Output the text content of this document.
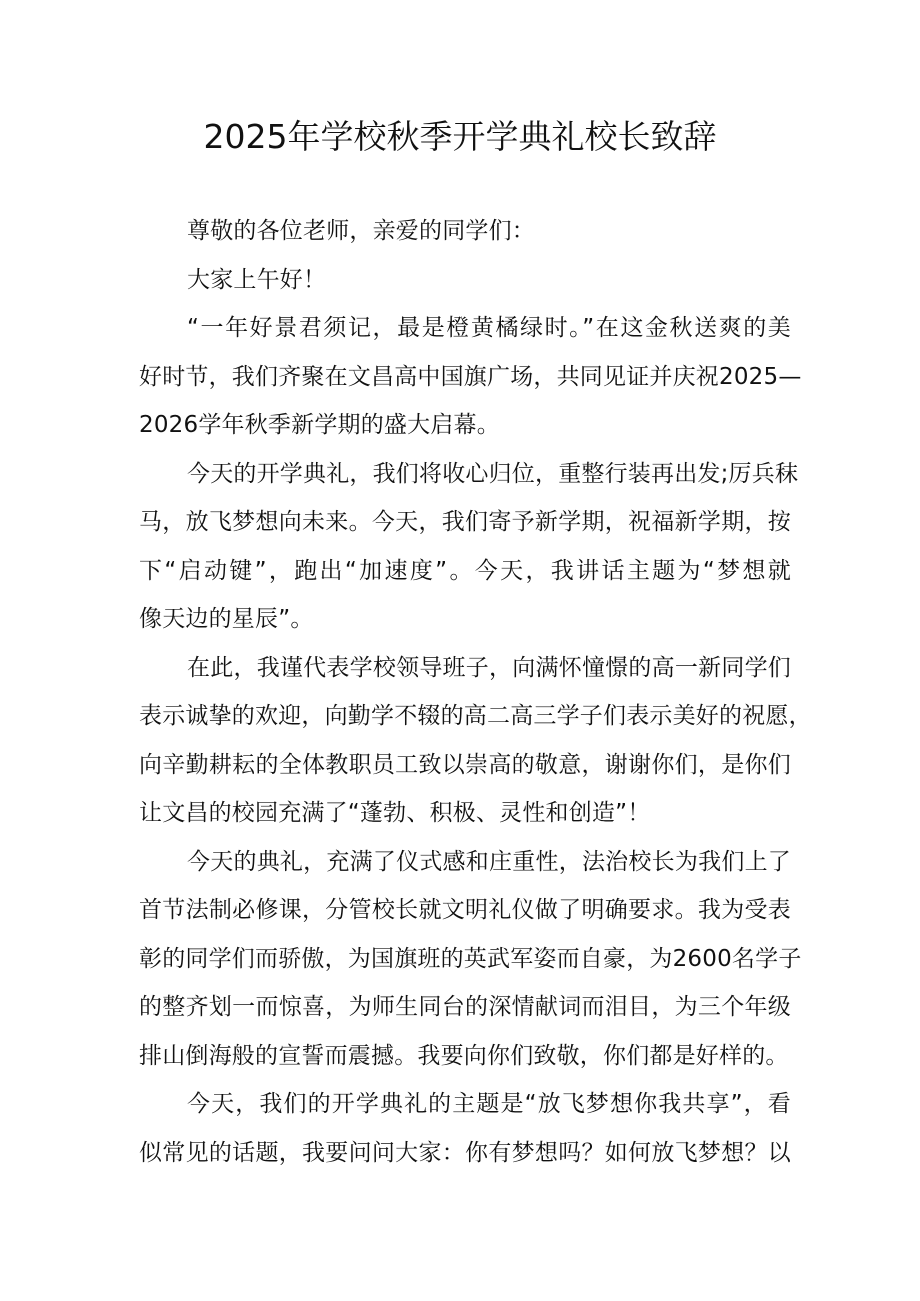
2025年学校秋季开学典礼校长致辞
尊敬的各位老师，亲爱的同学们：
大家上午好！
“一年好景君须记，最是橙黄橘绿时。”在这金秋送爽的美
好时节，我们齐聚在文昌高中国旗广场，共同见证并庆祝2025—
2026学年秋季新学期的盛大启幕。
今天的开学典礼，我们将收心归位，重整行装再出发;厉兵秣
马，放飞梦想向未来。今天，我们寄予新学期，祝福新学期，按
下“启动键”，跑出“加速度”。今天，我讲话主题为“梦想就
像天边的星辰”。
在此，我谨代表学校领导班子，向满怀憧憬的高一新同学们
表示诚挚的欢迎，向勤学不辍的高二高三学子们表示美好的祝愿，
向辛勤耕耘的全体教职员工致以崇高的敬意，谢谢你们，是你们
让文昌的校园充满了“蓬勃、积极、灵性和创造”！
今天的典礼，充满了仪式感和庄重性，法治校长为我们上了
首节法制必修课，分管校长就文明礼仪做了明确要求。我为受表
彰的同学们而骄傲，为国旗班的英武军姿而自豪，为2600名学子
的整齐划一而惊喜，为师生同台的深情献词而泪目，为三个年级
排山倒海般的宣誓而震撼。我要向你们致敬，你们都是好样的。
今天，我们的开学典礼的主题是“放飞梦想你我共享”，看
似常见的话题，我要问问大家：你有梦想吗？如何放飞梦想？以
